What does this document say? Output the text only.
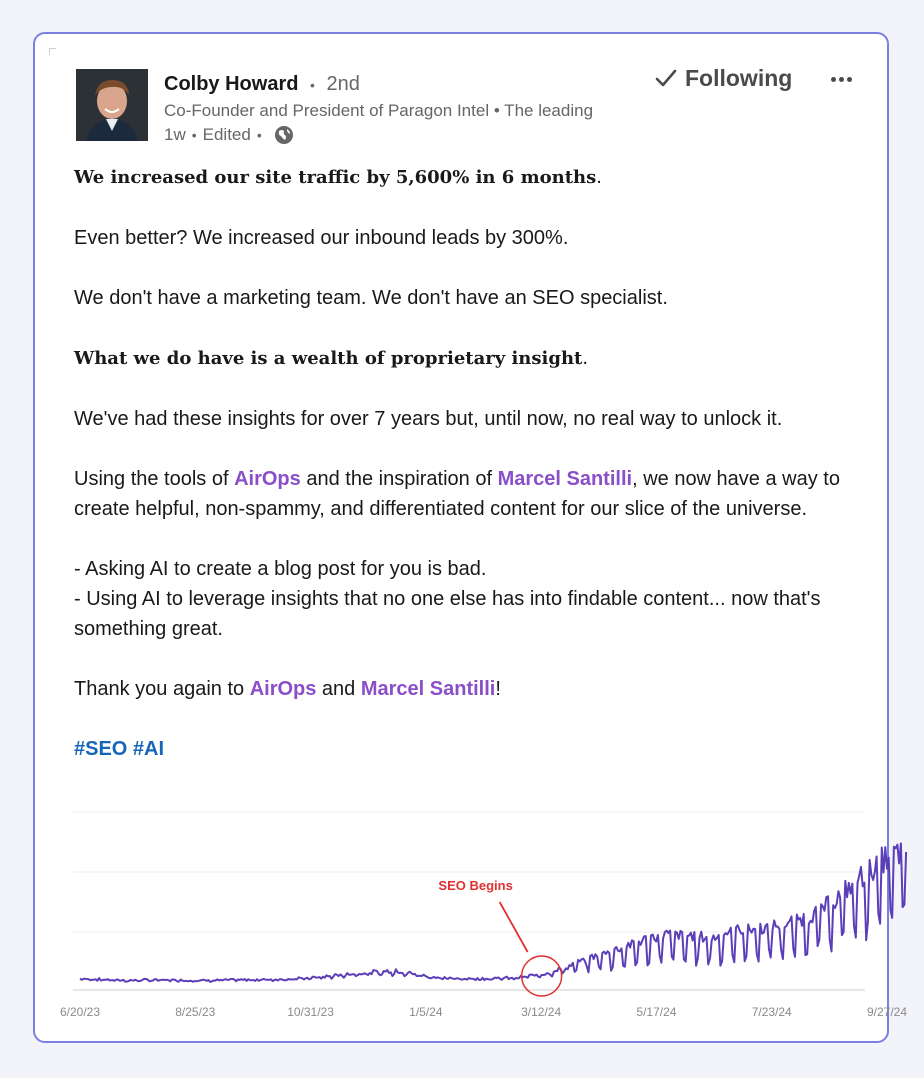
Colby Howard • 2nd
Co-Founder and President of Paragon Intel • The leading
1w • Edited •
Following

We increased our site traffic by 5,600% in 6 months.

Even better? We increased our inbound leads by 300%.

We don't have a marketing team. We don't have an SEO specialist.

What we do have is a wealth of proprietary insight.

We've had these insights for over 7 years but, until now, no real way to unlock it.

Using the tools of AirOps and the inspiration of Marcel Santilli, we now have a way to create helpful, non-spammy, and differentiated content for our slice of the universe.

- Asking AI to create a blog post for you is bad.

- Using AI to leverage insights that no one else has into findable content... now that's something great.

Thank you again to AirOps and Marcel Santilli!

#SEO #AI

6/20/23	8/25/23	10/31/23	1/5/24	3/12/24	5/17/24	7/23/24	9/27/24
SEO Begins
